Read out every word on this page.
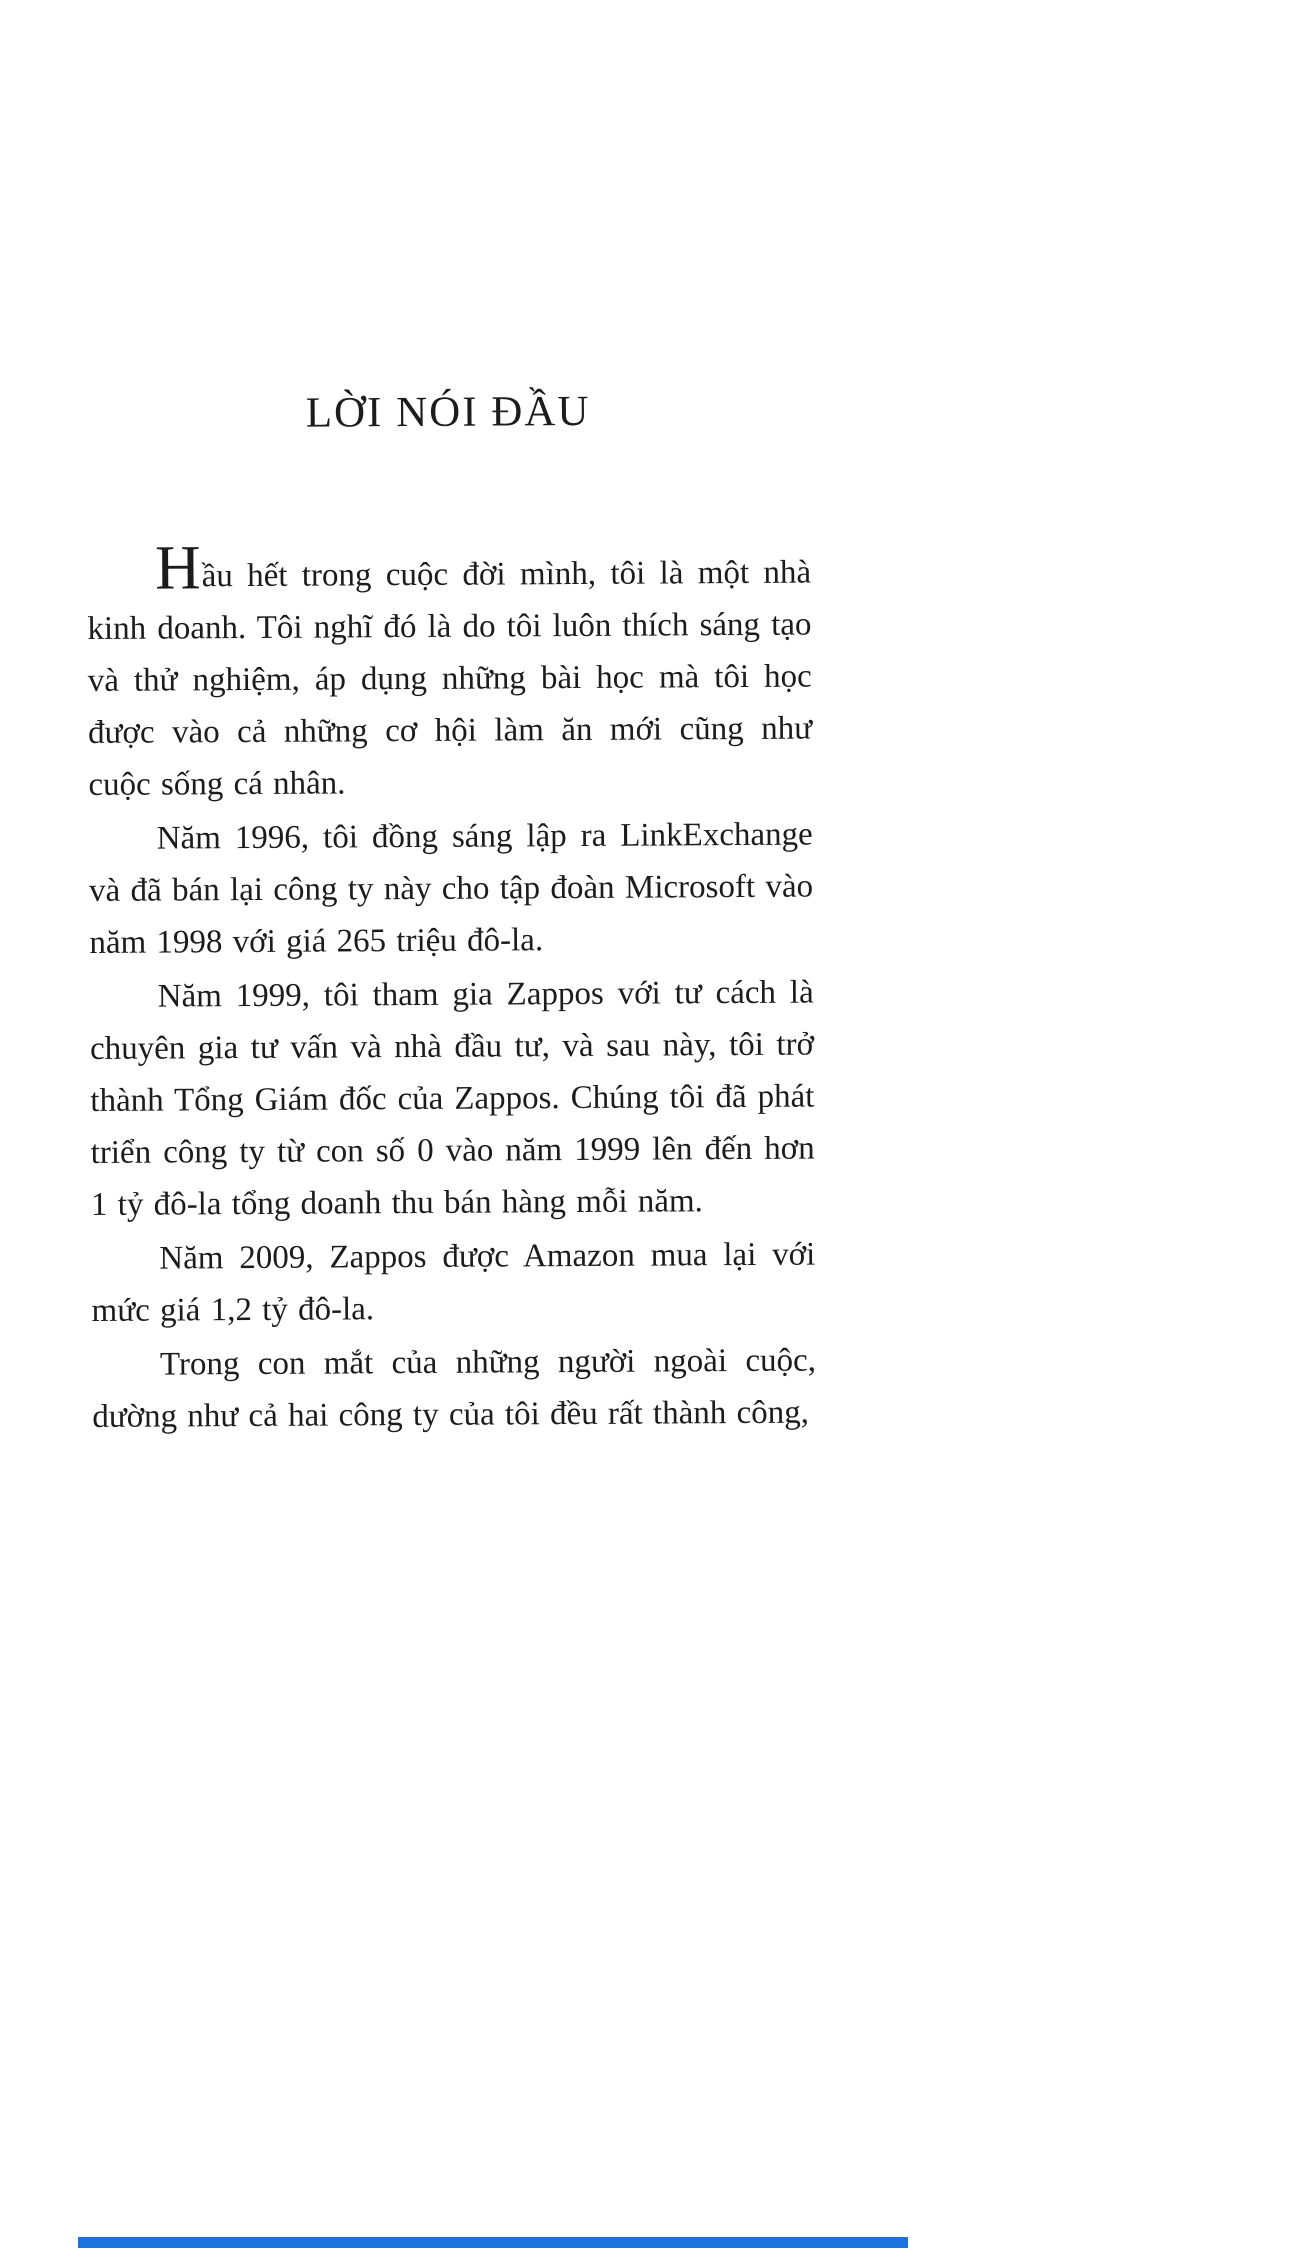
LỜI NÓI ĐẦU

Hầu hết trong cuộc đời mình, tôi là một nhà kinh doanh. Tôi nghĩ đó là do tôi luôn thích sáng tạo và thử nghiệm, áp dụng những bài học mà tôi học được vào cả những cơ hội làm ăn mới cũng như cuộc sống cá nhân.

Năm 1996, tôi đồng sáng lập ra LinkExchange và đã bán lại công ty này cho tập đoàn Microsoft vào năm 1998 với giá 265 triệu đô-la.

Năm 1999, tôi tham gia Zappos với tư cách là chuyên gia tư vấn và nhà đầu tư, và sau này, tôi trở thành Tổng Giám đốc của Zappos. Chúng tôi đã phát triển công ty từ con số 0 vào năm 1999 lên đến hơn 1 tỷ đô-la tổng doanh thu bán hàng mỗi năm.

Năm 2009, Zappos được Amazon mua lại với mức giá 1,2 tỷ đô-la.

Trong con mắt của những người ngoài cuộc, dường như cả hai công ty của tôi đều rất thành công,
